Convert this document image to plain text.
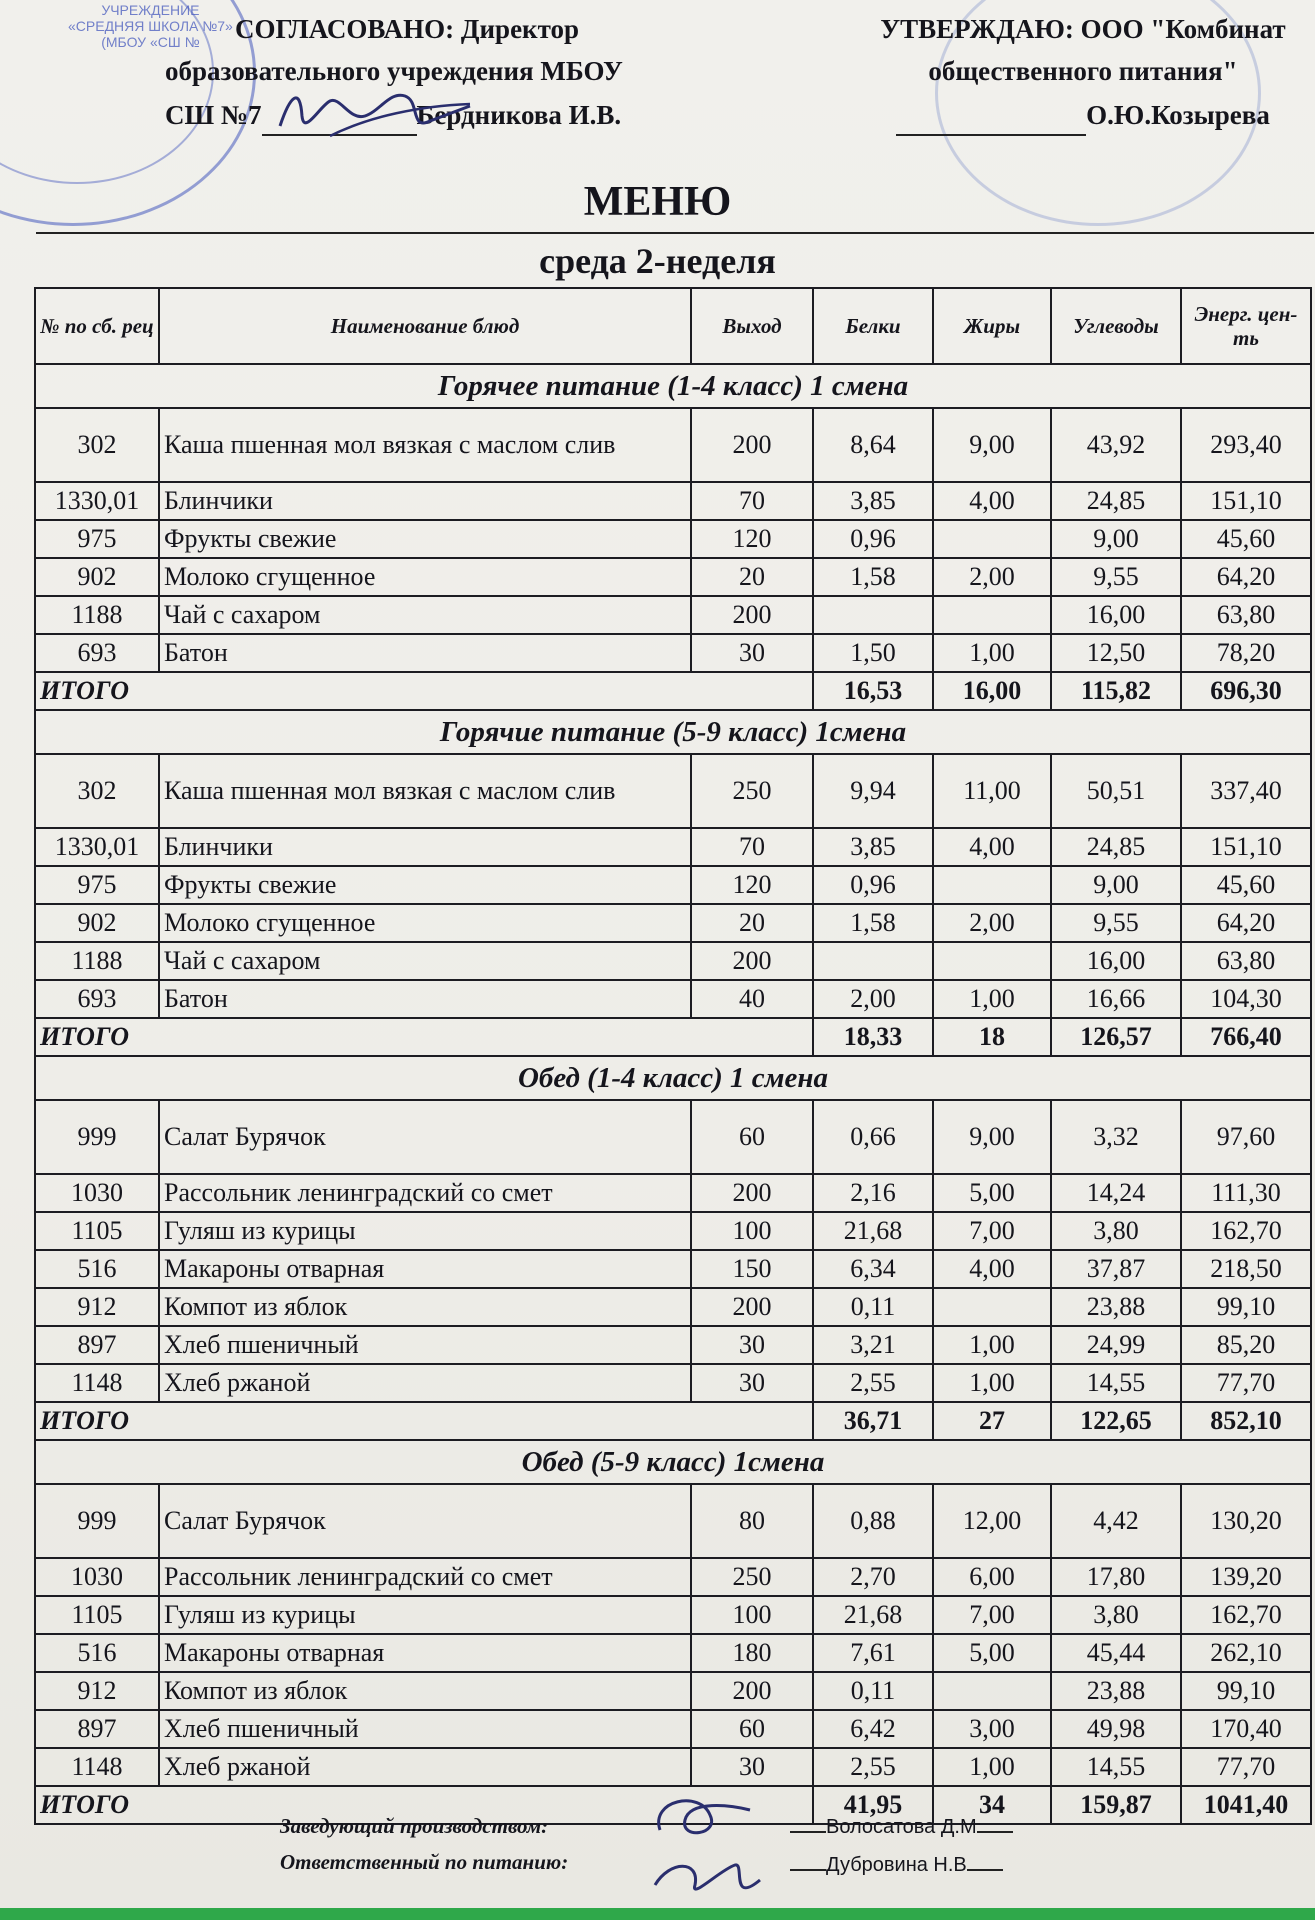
УЧРЕЖДЕНИЕ
«СРЕДНЯЯ ШКОЛА №7»
(МБОУ «СШ №	СОГЛАСОВАНО: Директор
образовательного учреждения МБОУ
СШ №7	Бердникова И.В.
УТВЕРЖДАЮ: ООО "Комбинат
общественного питания"
О.Ю.Козырева
МЕНЮ
среда 2-неделя
№ по сб. рец	Наименование блюд	Выход	Белки	Жиры	Углеводы	Энерг. цен-ть
Горячее питание (1-4 класс) 1 смена						
302	Каша пшенная мол вязкая с маслом слив	200	8,64	9,00	43,92	293,40
1330,01	Блинчики	70	3,85	4,00	24,85	151,10
975	Фрукты свежие	120	0,96		9,00	45,60
902	Молоко сгущенное	20	1,58	2,00	9,55	64,20
1188	Чай с сахаром	200			16,00	63,80
693	Батон	30	1,50	1,00	12,50	78,20
ИТОГО			16,53	16,00	115,82	696,30
Горячие питание (5-9 класс) 1смена						
302	Каша пшенная мол вязкая с маслом слив	250	9,94	11,00	50,51	337,40
1330,01	Блинчики	70	3,85	4,00	24,85	151,10
975	Фрукты свежие	120	0,96		9,00	45,60
902	Молоко сгущенное	20	1,58	2,00	9,55	64,20
1188	Чай с сахаром	200			16,00	63,80
693	Батон	40	2,00	1,00	16,66	104,30
ИТОГО			18,33	18	126,57	766,40
Обед (1-4 класс) 1 смена						
999	Салат Бурячок	60	0,66	9,00	3,32	97,60
1030	Рассольник ленинградский со смет	200	2,16	5,00	14,24	111,30
1105	Гуляш из курицы	100	21,68	7,00	3,80	162,70
516	Макароны отварная	150	6,34	4,00	37,87	218,50
912	Компот из яблок	200	0,11		23,88	99,10
897	Хлеб пшеничный	30	3,21	1,00	24,99	85,20
1148	Хлеб ржаной	30	2,55	1,00	14,55	77,70
ИТОГО			36,71	27	122,65	852,10
Обед (5-9 класс) 1смена						
999	Салат Бурячок	80	0,88	12,00	4,42	130,20
1030	Рассольник ленинградский со смет	250	2,70	6,00	17,80	139,20
1105	Гуляш из курицы	100	21,68	7,00	3,80	162,70
516	Макароны отварная	180	7,61	5,00	45,44	262,10
912	Компот из яблок	200	0,11		23,88	99,10
897	Хлеб пшеничный	60	6,42	3,00	49,98	170,40
1148	Хлеб ржаной	30	2,55	1,00	14,55	77,70
ИТОГО			41,95	34	159,87	1041,40
Заведующий производством:
Ответственный по питанию:
Волосатова Д.М
Дубровина Н.В
